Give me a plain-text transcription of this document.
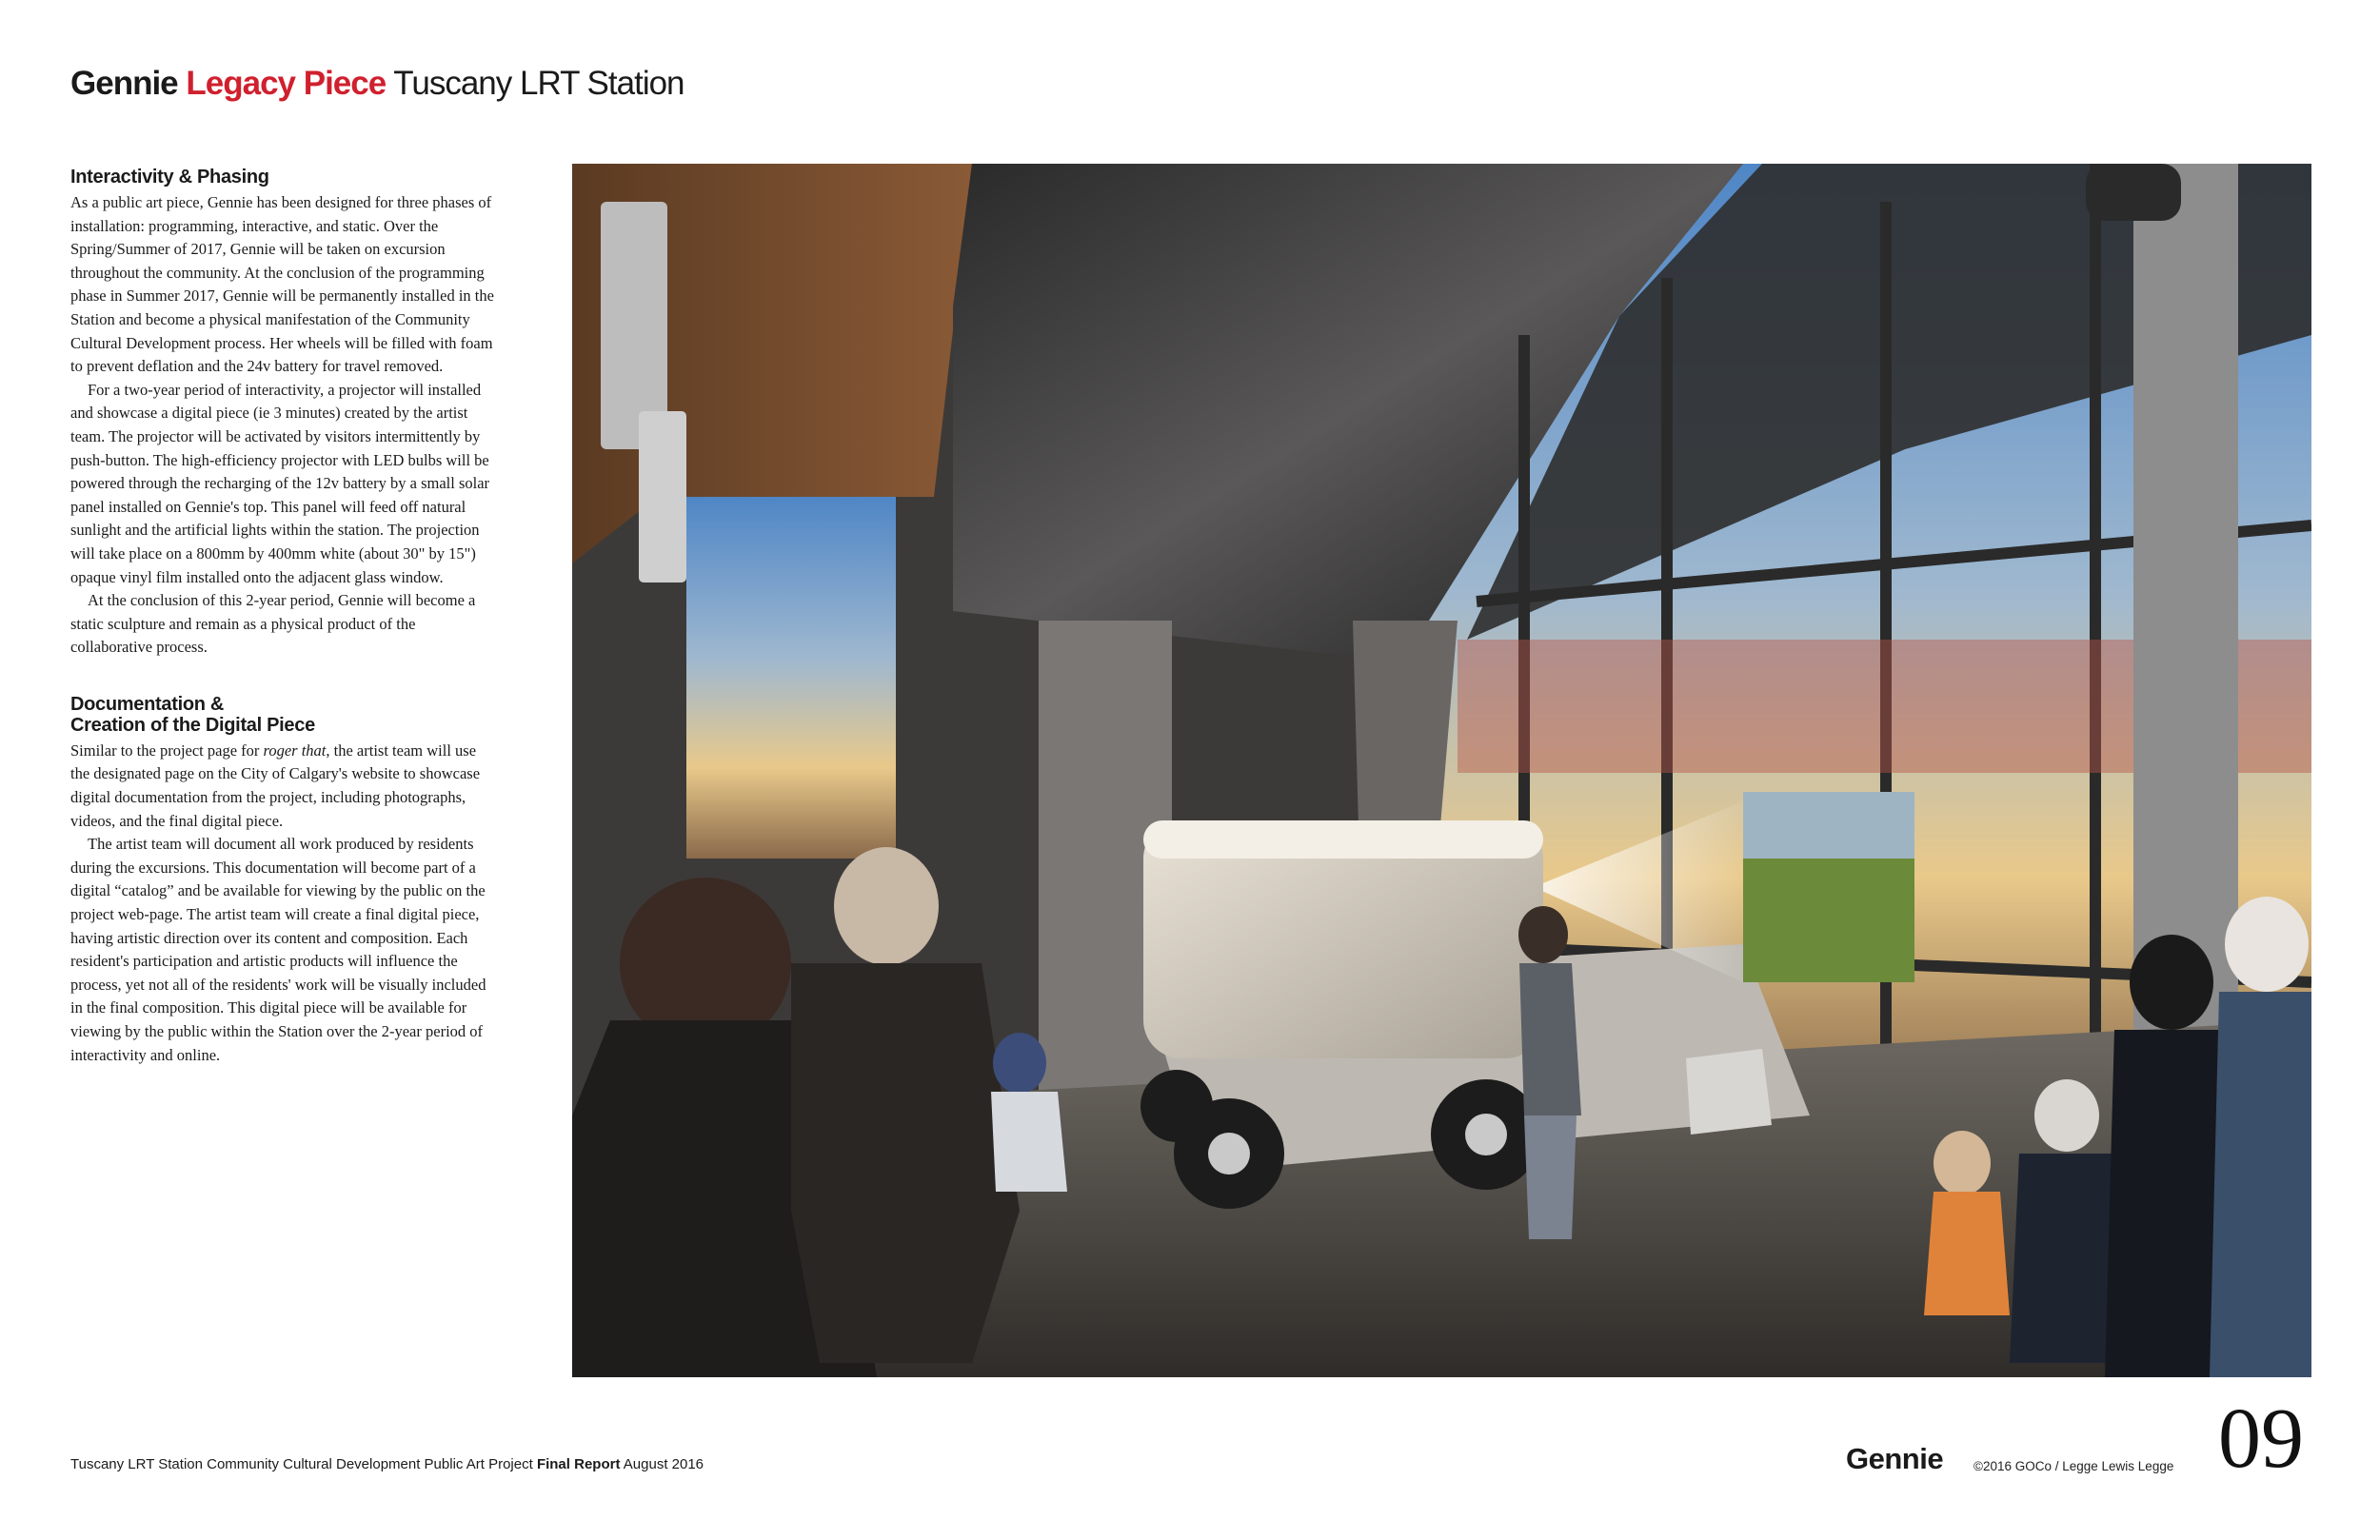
Gennie Legacy Piece Tuscany LRT Station
Interactivity & Phasing

As a public art piece, Gennie has been designed for three phases of installation: programming, interactive, and static. Over the Spring/Summer of 2017, Gennie will be taken on excursion throughout the community. At the conclusion of the programming phase in Summer 2017, Gennie will be permanently installed in the Station and become a physical manifestation of the Community Cultural Development process. Her wheels will be filled with foam to prevent deflation and the 24v battery for travel removed.

For a two-year period of interactivity, a projector will installed and showcase a digital piece (ie 3 minutes) created by the artist team. The projector will be activated by visitors intermittently by push-button. The high-efficiency projector with LED bulbs will be powered through the recharging of the 12v battery by a small solar panel installed on Gennie's top. This panel will feed off natural sunlight and the artificial lights within the station. The projection will take place on a 800mm by 400mm white (about 30" by 15") opaque vinyl film installed onto the adjacent glass window.

At the conclusion of this 2-year period, Gennie will become a static sculpture and remain as a physical product of the collaborative process.

Documentation &
Creation of the Digital Piece

Similar to the project page for roger that, the artist team will use the designated page on the City of Calgary's website to showcase digital documentation from the project, including photographs, videos, and the final digital piece.

The artist team will document all work produced by residents during the excursions. This documentation will become part of a digital “catalog” and be available for viewing by the public on the project web-page. The artist team will create a final digital piece, having artistic direction over its content and composition. Each resident's participation and artistic products will influence the process, yet not all of the residents' work will be visually included in the final composition. This digital piece will be available for viewing by the public within the Station over the 2-year period of interactivity and online.

Tuscany LRT Station Community Cultural Development Public Art Project Final Report August 2016	Gennie ©2016 GOCo / Legge Lewis Legge 09
